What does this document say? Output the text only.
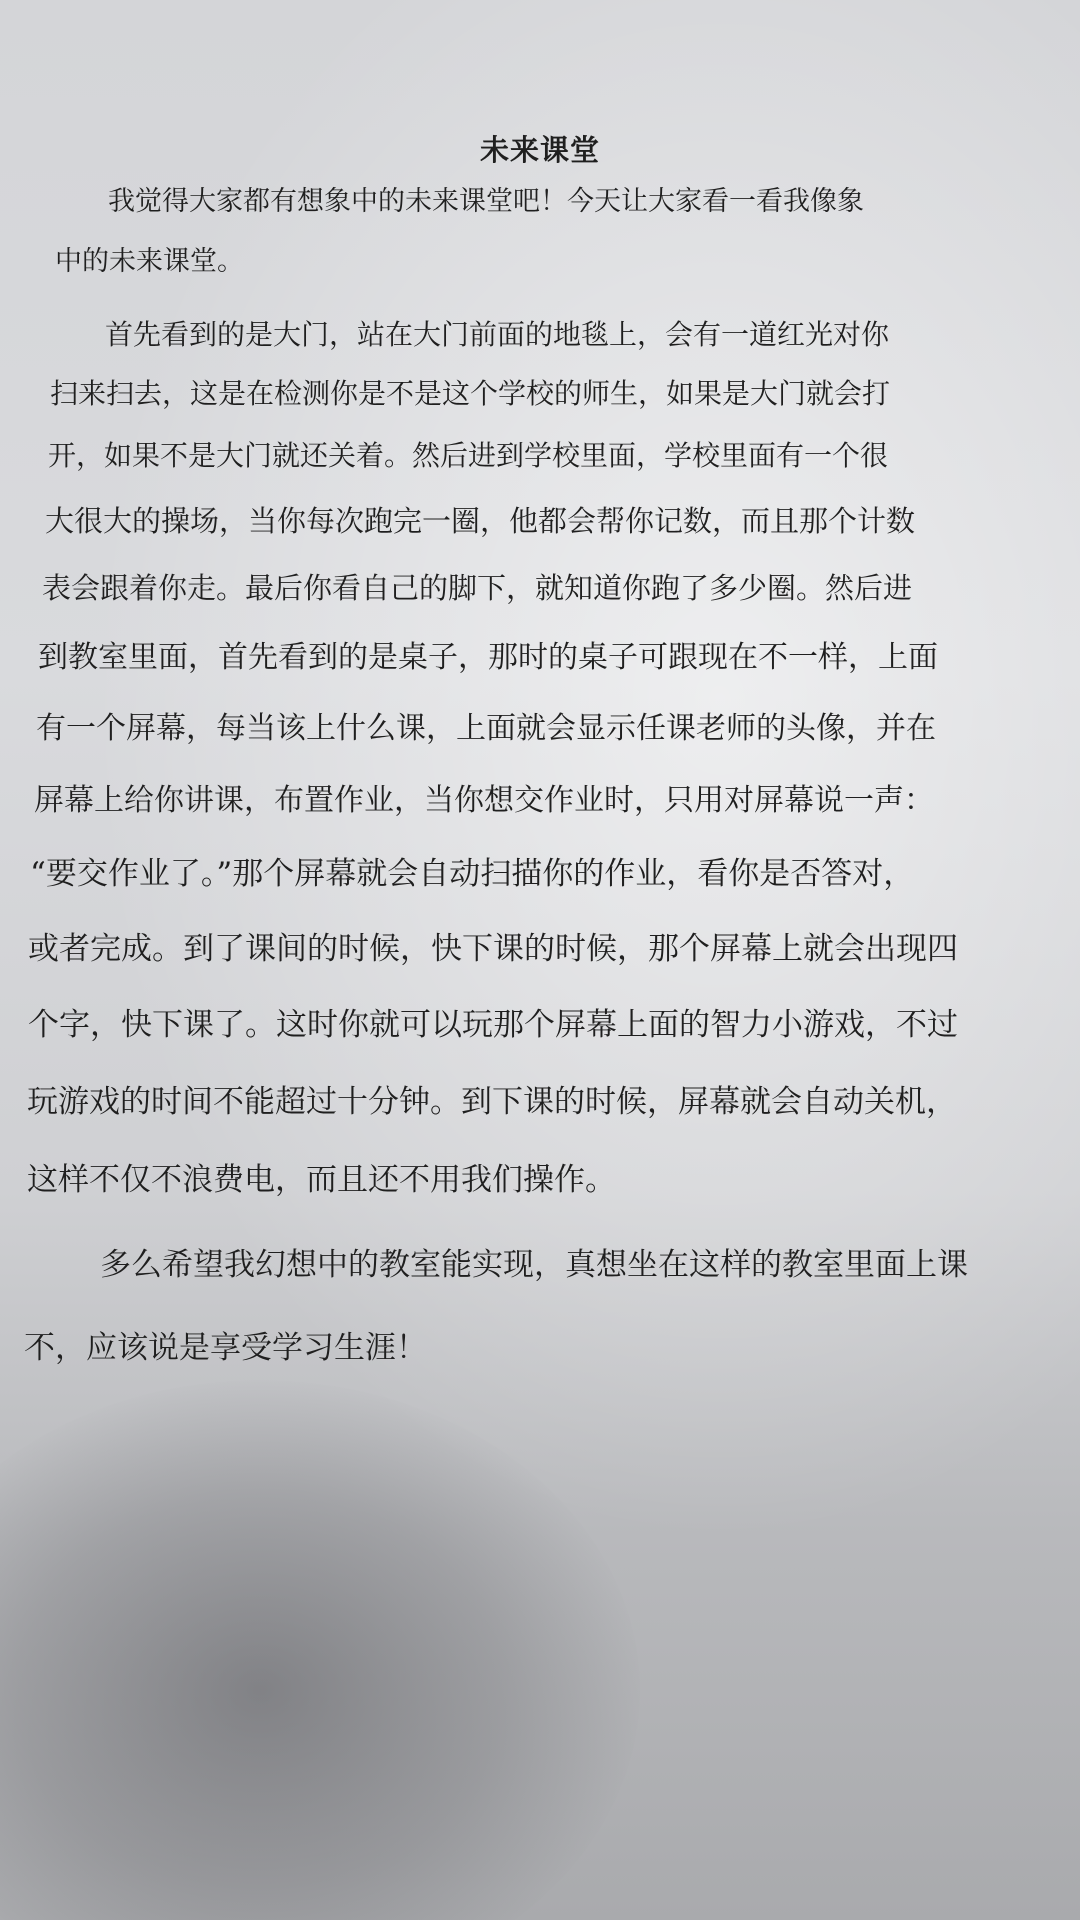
未来课堂
我觉得大家都有想象中的未来课堂吧！今天让大家看一看我像象
中的未来课堂。
首先看到的是大门，站在大门前面的地毯上，会有一道红光对你
扫来扫去，这是在检测你是不是这个学校的师生，如果是大门就会打
开，如果不是大门就还关着。然后进到学校里面，学校里面有一个很
大很大的操场，当你每次跑完一圈，他都会帮你记数，而且那个计数
表会跟着你走。最后你看自己的脚下，就知道你跑了多少圈。然后进
到教室里面，首先看到的是桌子，那时的桌子可跟现在不一样，上面
有一个屏幕，每当该上什么课，上面就会显示任课老师的头像，并在
屏幕上给你讲课，布置作业，当你想交作业时，只用对屏幕说一声：
“要交作业了。”那个屏幕就会自动扫描你的作业，看你是否答对，
或者完成。到了课间的时候，快下课的时候，那个屏幕上就会出现四
个字，快下课了。这时你就可以玩那个屏幕上面的智力小游戏，不过
玩游戏的时间不能超过十分钟。到下课的时候，屏幕就会自动关机，
这样不仅不浪费电，而且还不用我们操作。
多么希望我幻想中的教室能实现，真想坐在这样的教室里面上课
不，应该说是享受学习生涯！
